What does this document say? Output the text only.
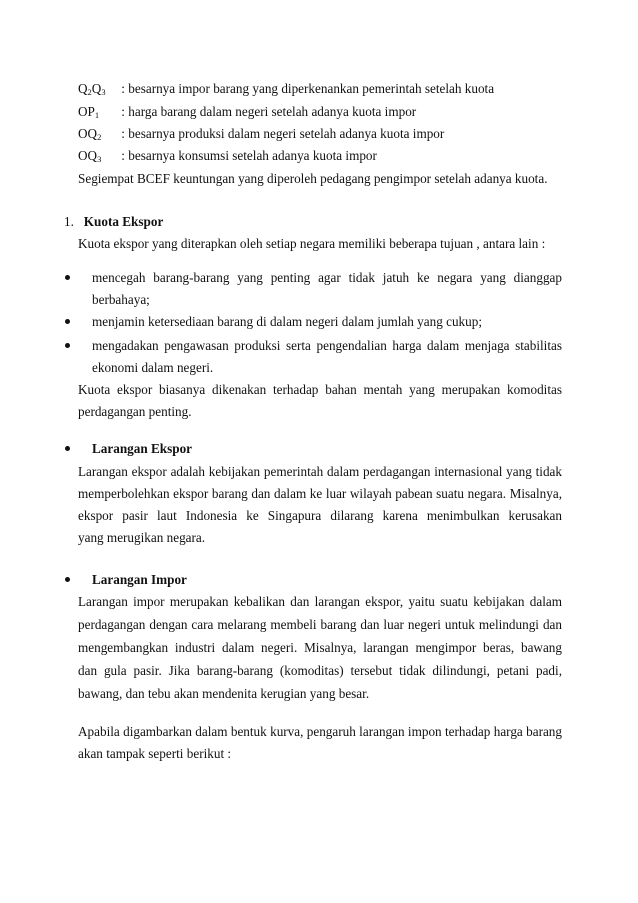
$Q_2Q_3$ : besarnya impor barang yang diperkenankan pemerintah setelah kuota
$OP_1$ : harga barang dalam negeri setelah adanya kuota impor
$OQ_2$ : besarnya produksi dalam negeri setelah adanya kuota impor
$OQ_3$ : besarnya konsumsi setelah adanya kuota impor
Segiempat BCEF keuntungan yang diperoleh pedagang pengimpor setelah adanya kuota.
1. Kuota Ekspor
Kuota ekspor yang diterapkan oleh setiap negara memiliki beberapa tujuan , antara lain :
mencegah barang-barang yang penting agar tidak jatuh ke negara yang dianggap
berbahaya;
menjamin ketersediaan barang di dalam negeri dalam jumlah yang cukup;
mengadakan pengawasan produksi serta pengendalian harga dalam menjaga stabilitas
ekonomi dalam negeri.
Kuota ekspor biasanya dikenakan terhadap bahan mentah yang merupakan komoditas
perdagangan penting.
Larangan Ekspor
Larangan ekspor adalah kebijakan pemerintah dalam perdagangan internasional yang tidak
memperbolehkan ekspor barang dan dalam ke luar wilayah pabean suatu negara. Misalnya,
ekspor pasir laut Indonesia ke Singapura dilarang karena menimbulkan kerusakan
yang merugikan negara.
Larangan Impor
Larangan impor merupakan kebalikan dan larangan ekspor, yaitu suatu kebijakan dalam
perdagangan dengan cara melarang membeli barang dan luar negeri untuk melindungi dan
mengembangkan industri dalam negeri. Misalnya, larangan mengimpor beras, bawang
dan gula pasir. Jika barang-barang (komoditas) tersebut tidak dilindungi, petani padi,
bawang, dan tebu akan mendenita kerugian yang besar.
Apabila digambarkan dalam bentuk kurva, pengaruh larangan impon terhadap harga barang
akan tampak seperti berikut :
